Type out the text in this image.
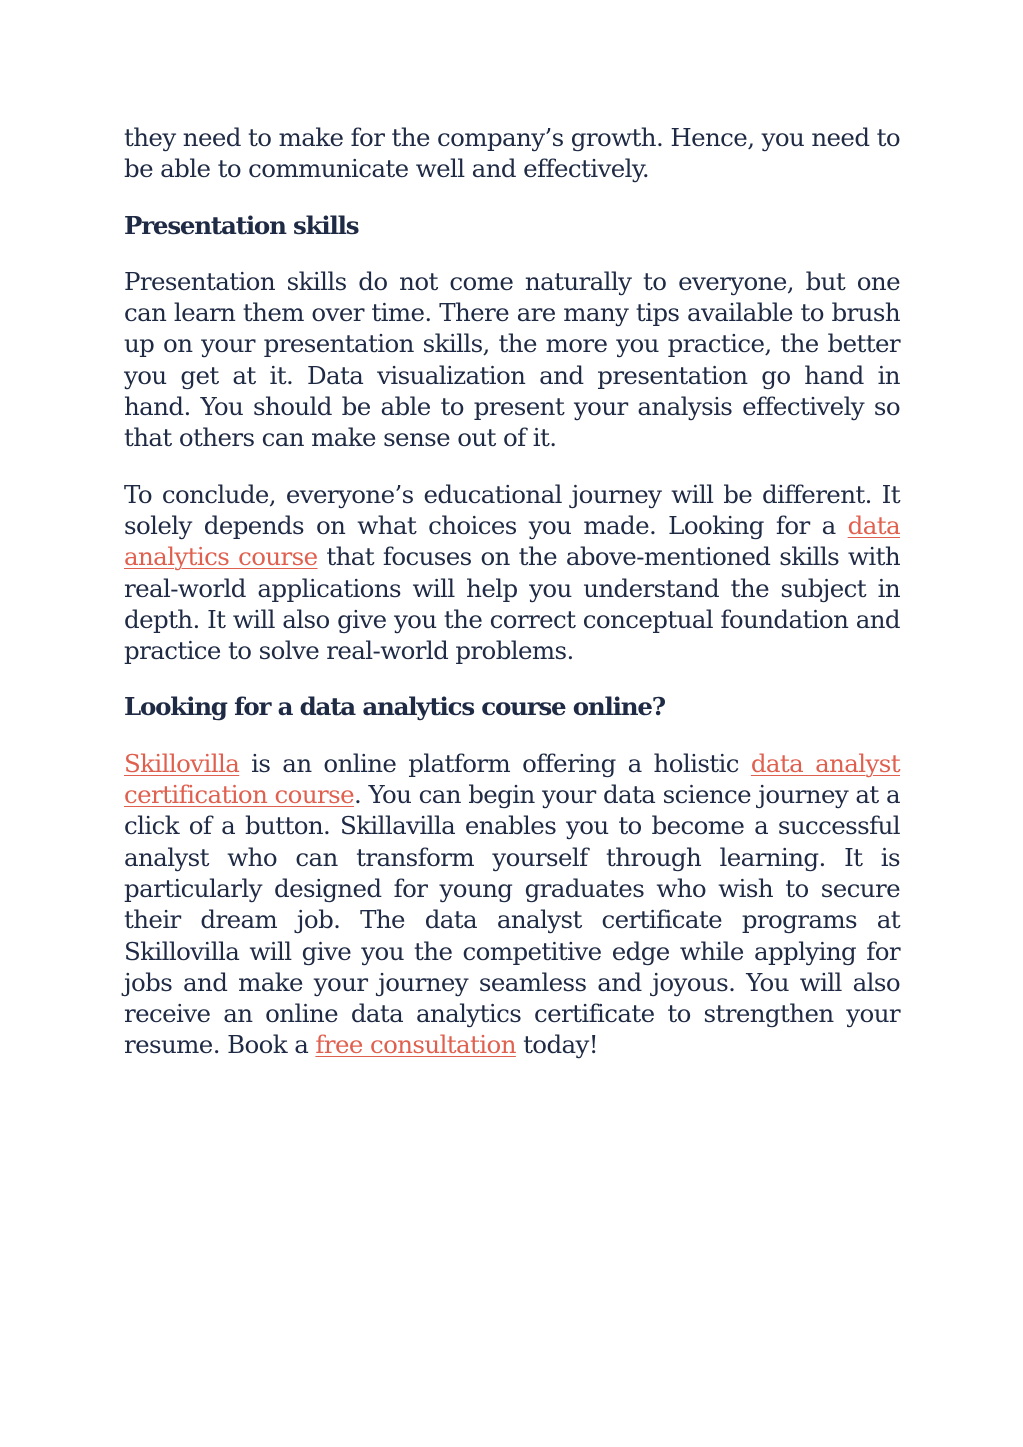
they need to make for the company’s growth. Hence, you need to be able to communicate well and effectively.

Presentation skills

Presentation skills do not come naturally to everyone, but one can learn them over time. There are many tips available to brush up on your presentation skills, the more you practice, the better you get at it. Data visualization and presentation go hand in hand. You should be able to present your analysis effectively so that others can make sense out of it.

To conclude, everyone’s educational journey will be different. It solely depends on what choices you made. Looking for a data analytics course that focuses on the above-mentioned skills with real-world applications will help you understand the subject in depth. It will also give you the correct conceptual foundation and practice to solve real-world problems.

Looking for a data analytics course online?

Skillovilla is an online platform offering a holistic data analyst certification course. You can begin your data science journey at a click of a button. Skillavilla enables you to become a successful analyst who can transform yourself through learning. It is particularly designed for young graduates who wish to secure their dream job. The data analyst certificate programs at Skillovilla will give you the competitive edge while applying for jobs and make your journey seamless and joyous. You will also receive an online data analytics certificate to strengthen your resume. Book a free consultation today!
